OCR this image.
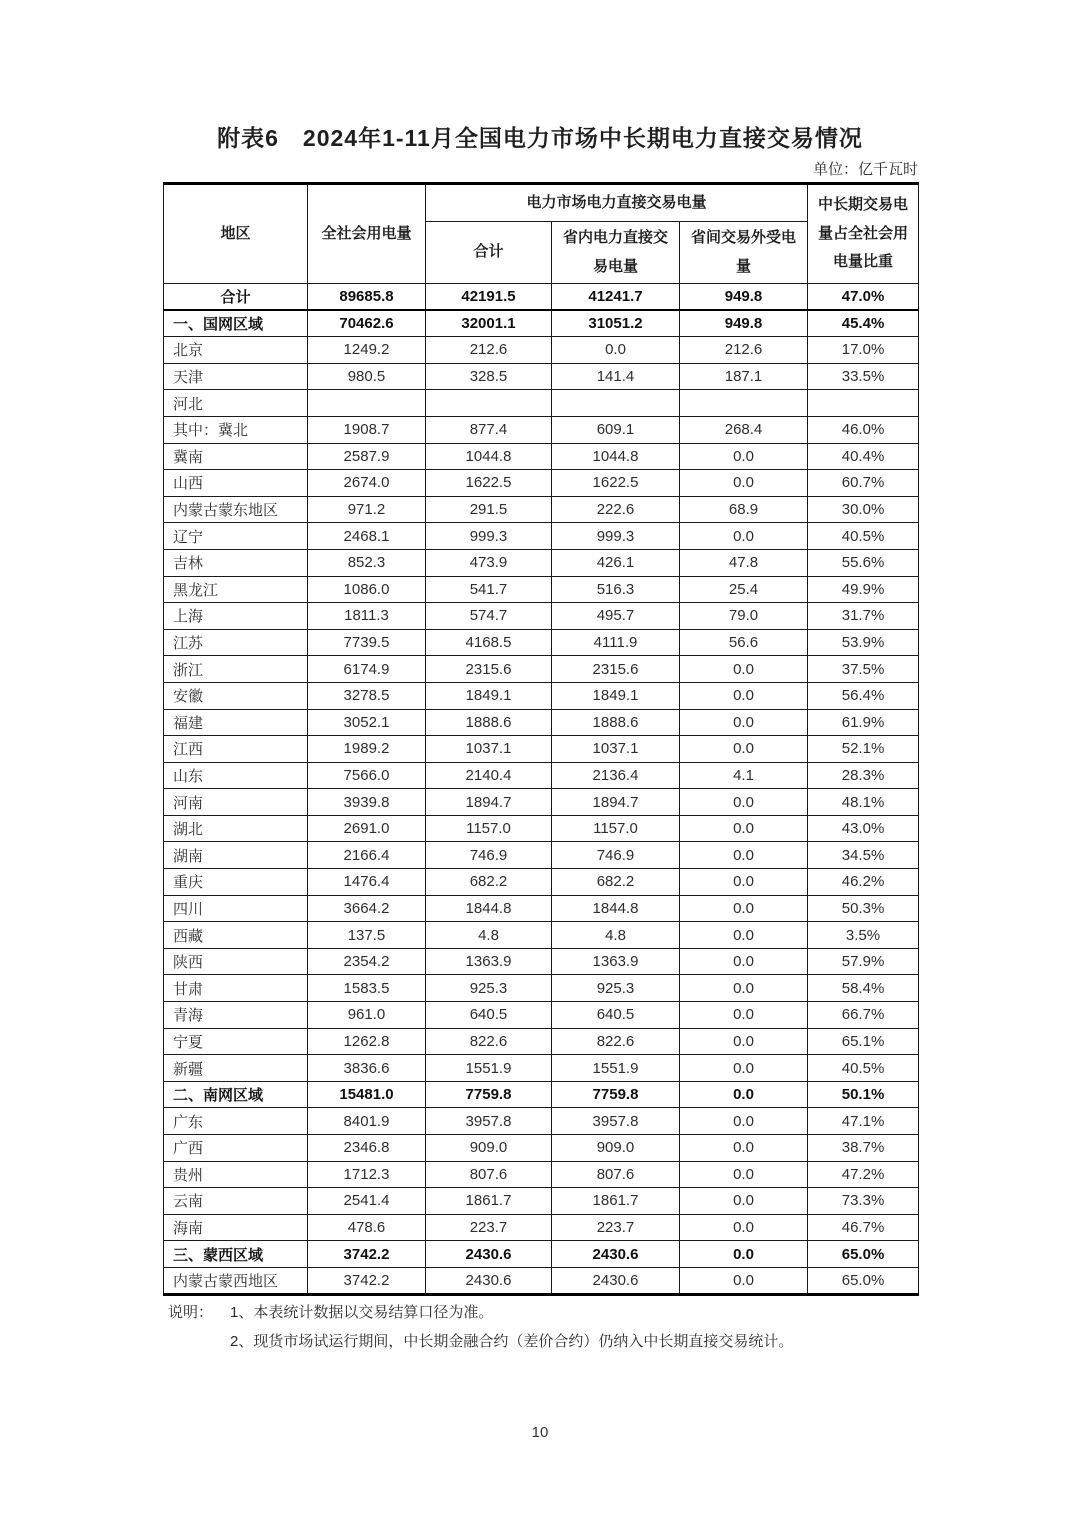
附表6　2024年1-11月全国电力市场中长期电力直接交易情况
单位：亿千瓦时
地区	全社会用电量	电力市场电力直接交易电量			中长期交易电量占全社会用电量比重
		合计	省内电力直接交易电量	省间交易外受电量	
合计	89685.8	42191.5	41241.7	949.8	47.0%
一、国网区域	70462.6	32001.1	31051.2	949.8	45.4%
北京	1249.2	212.6	0.0	212.6	17.0%
天津	980.5	328.5	141.4	187.1	33.5%
河北					
其中：冀北	1908.7	877.4	609.1	268.4	46.0%
冀南	2587.9	1044.8	1044.8	0.0	40.4%
山西	2674.0	1622.5	1622.5	0.0	60.7%
内蒙古蒙东地区	971.2	291.5	222.6	68.9	30.0%
辽宁	2468.1	999.3	999.3	0.0	40.5%
吉林	852.3	473.9	426.1	47.8	55.6%
黑龙江	1086.0	541.7	516.3	25.4	49.9%
上海	1811.3	574.7	495.7	79.0	31.7%
江苏	7739.5	4168.5	4111.9	56.6	53.9%
浙江	6174.9	2315.6	2315.6	0.0	37.5%
安徽	3278.5	1849.1	1849.1	0.0	56.4%
福建	3052.1	1888.6	1888.6	0.0	61.9%
江西	1989.2	1037.1	1037.1	0.0	52.1%
山东	7566.0	2140.4	2136.4	4.1	28.3%
河南	3939.8	1894.7	1894.7	0.0	48.1%
湖北	2691.0	1157.0	1157.0	0.0	43.0%
湖南	2166.4	746.9	746.9	0.0	34.5%
重庆	1476.4	682.2	682.2	0.0	46.2%
四川	3664.2	1844.8	1844.8	0.0	50.3%
西藏	137.5	4.8	4.8	0.0	3.5%
陕西	2354.2	1363.9	1363.9	0.0	57.9%
甘肃	1583.5	925.3	925.3	0.0	58.4%
青海	961.0	640.5	640.5	0.0	66.7%
宁夏	1262.8	822.6	822.6	0.0	65.1%
新疆	3836.6	1551.9	1551.9	0.0	40.5%
二、南网区域	15481.0	7759.8	7759.8	0.0	50.1%
广东	8401.9	3957.8	3957.8	0.0	47.1%
广西	2346.8	909.0	909.0	0.0	38.7%
贵州	1712.3	807.6	807.6	0.0	47.2%
云南	2541.4	1861.7	1861.7	0.0	73.3%
海南	478.6	223.7	223.7	0.0	46.7%
三、蒙西区域	3742.2	2430.6	2430.6	0.0	65.0%
内蒙古蒙西地区	3742.2	2430.6	2430.6	0.0	65.0%
说明：	1、本表统计数据以交易结算口径为准。
2、现货市场试运行期间，中长期金融合约（差价合约）仍纳入中长期直接交易统计。
10
